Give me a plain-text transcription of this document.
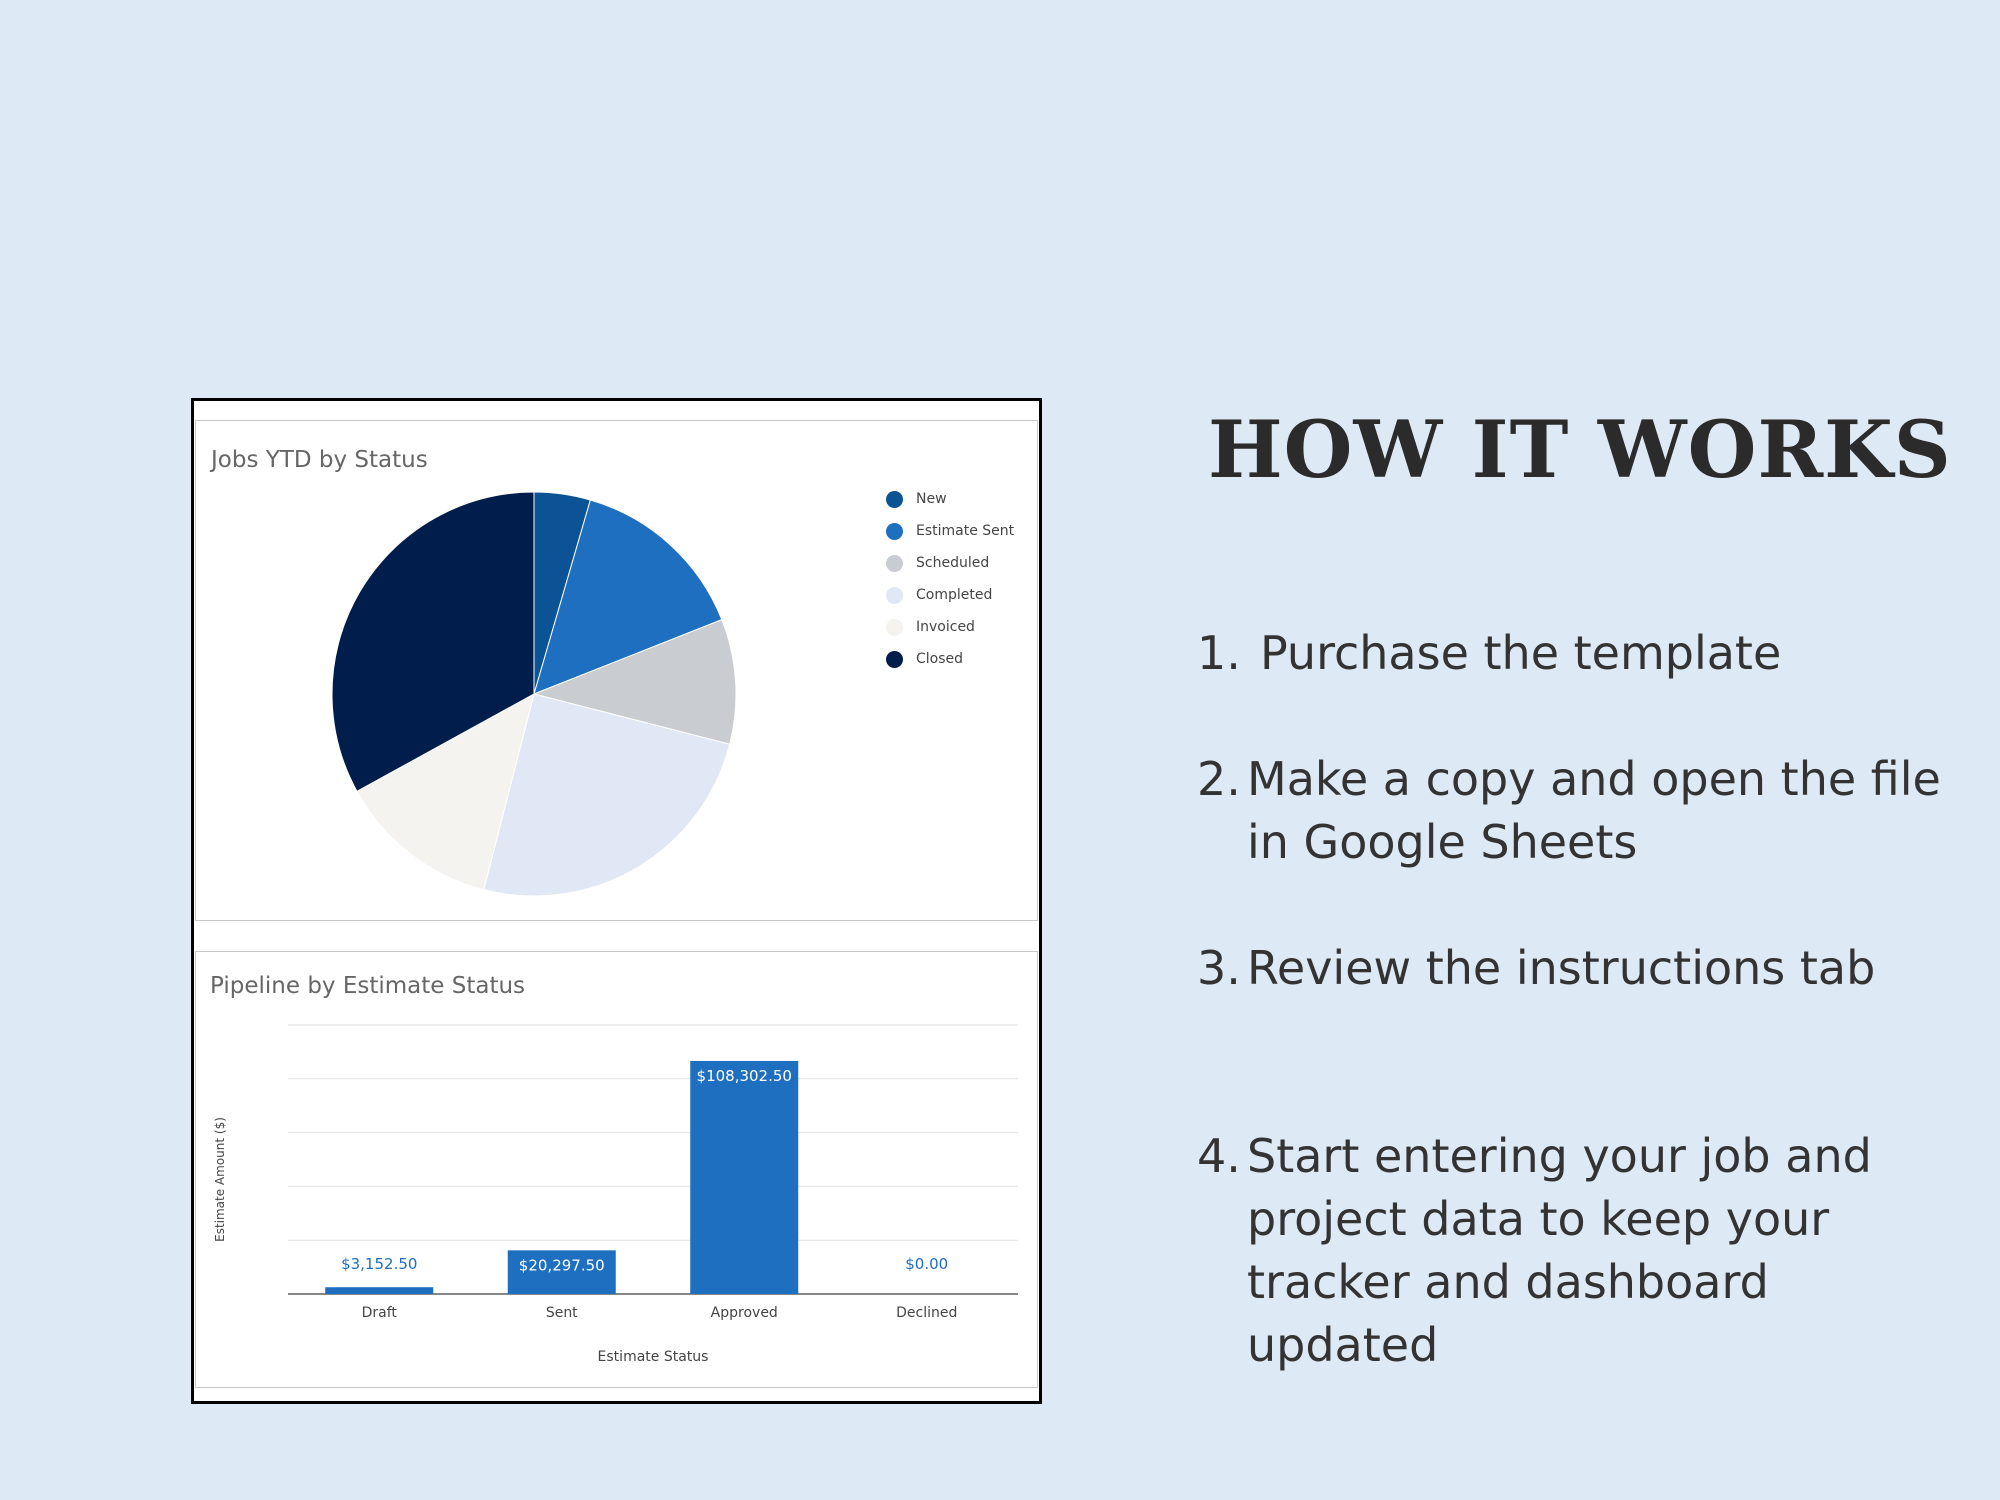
Jobs YTD by Status
New
Estimate Sent
Scheduled
Completed
Invoiced
Closed
Pipeline by Estimate Status
$3,152.50
Draft
$20,297.50
Sent
$108,302.50
Approved
$0.00
Declined
Estimate Status
Estimate Amount ($)
HOW IT WORKS
1. Purchase the template
2. Make a copy and open the file in Google Sheets
3. Review the instructions tab
4. Start entering your job and project data to keep your tracker and dashboard updated
